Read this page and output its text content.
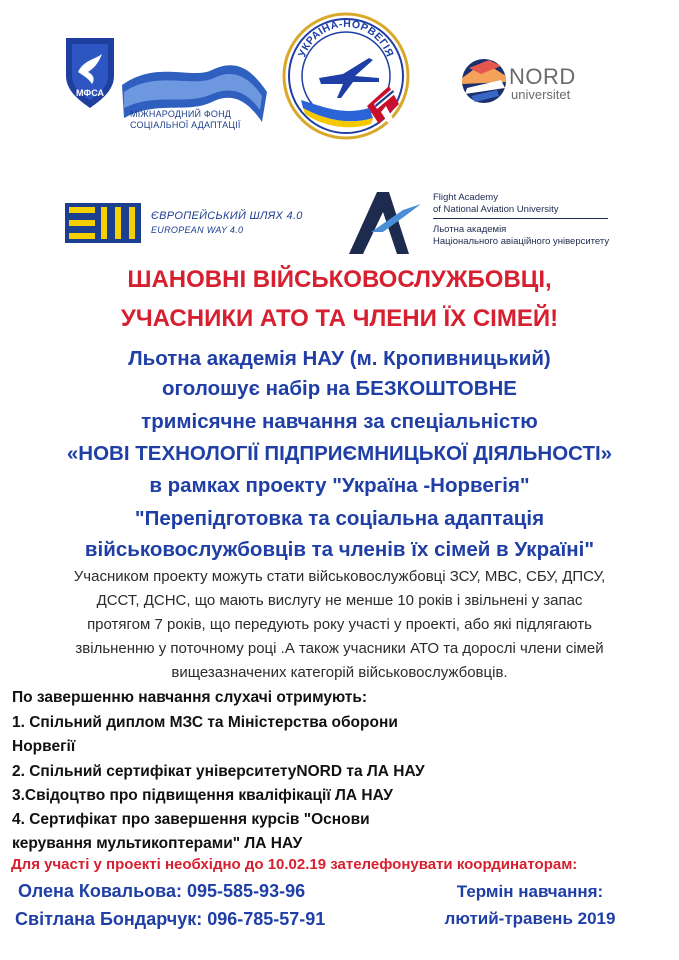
МФСА
МІЖНАРОДНИЙ ФОНД
СОЦІАЛЬНОЇ АДАПТАЦІЇ
УКРАЇНА-НОРВЕГІЯ
NORD
universitet
ЄВРОПЕЙСЬКИЙ ШЛЯХ 4.0
EUROPEAN WAY 4.0
Flight Academy
of National Aviation University
Льотна академія
Національного авіаційного університету
ШАНОВНІ ВІЙСЬКОВОСЛУЖБОВЦІ,
УЧАСНИКИ АТО ТА ЧЛЕНИ ЇХ СІМЕЙ!
Льотна академія НАУ (м. Кропивницький)
оголошує набір на БЕЗКОШТОВНЕ
тримісячне навчання за спеціальністю
«НОВІ ТЕХНОЛОГІЇ ПІДПРИЄМНИЦЬКОЇ ДІЯЛЬНОСТІ»
в рамках проекту "Україна -Норвегія"
"Перепідготовка та соціальна адаптація
військовослужбовців та членів їх сімей в Україні"
Учасником проекту можуть стати військовослужбовці ЗСУ, МВС, СБУ, ДПСУ,
ДССТ, ДСНС, що мають вислугу не менше 10 років і звільнені у запас
протягом 7 років, що передують року участі у проекті, або які підлягають
звільненню у поточному році .А також учасники АТО та дорослі члени сімей
вищезазначених категорій військовослужбовців.
По завершенню навчання слухачі отримують:
1. Спільний диплом МЗС та Міністерства оборони
Норвегії
2. Спільний сертифікат університетуNORD та ЛА НАУ
3.Свідоцтво про підвищення кваліфікації ЛА НАУ
4. Сертифікат про завершення курсів "Основи
керування мультикоптерами" ЛА НАУ
Для участі у проекті необхідно до 10.02.19 зателефонувати координаторам:
Олена Ковальова: 095-585-93-96
Світлана Бондарчук: 096-785-57-91
Термін навчання:
лютий-травень 2019
